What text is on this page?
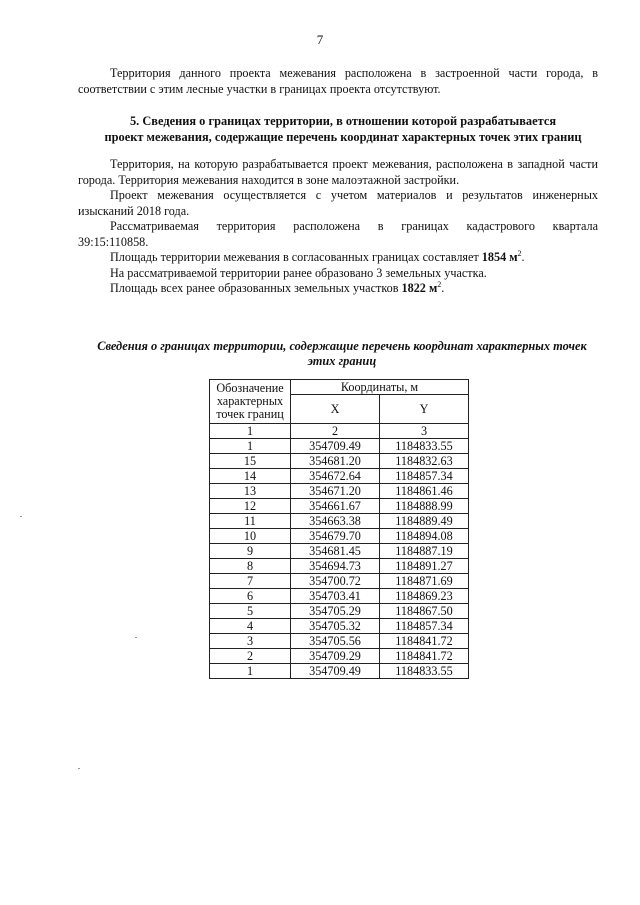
7

Территория данного проекта межевания расположена в застроенной части города, в соответствии с этим лесные участки в границах проекта отсутствуют.

5. Сведения о границах территории, в отношении которой разрабатывается
проект межевания, содержащие перечень координат характерных точек этих границ

Территория, на которую разрабатывается проект межевания, расположена в западной части города. Территория межевания находится в зоне малоэтажной застройки.

Проект межевания осуществляется с учетом материалов и результатов инженерных изысканий 2018 года.

Рассматриваемая территория расположена в границах кадастрового квартала

39:15:110858.

Площадь территории межевания в согласованных границах составляет 1854 $м^2$.

На рассматриваемой территории ранее образовано 3 земельных участка.

Площадь всех ранее образованных земельных участков 1822 $м^2$.

Сведения о границах территории, содержащие перечень координат характерных точек
этих границ
Обозначение
характерных
точек границ	Координаты, м	
	X	Y
1	2	3
1	354709.49	1184833.55
15	354681.20	1184832.63
14	354672.64	1184857.34
13	354671.20	1184861.46
12	354661.67	1184888.99
11	354663.38	1184889.49
10	354679.70	1184894.08
9	354681.45	1184887.19
8	354694.73	1184891.27
7	354700.72	1184871.69
6	354703.41	1184869.23
5	354705.29	1184867.50
4	354705.32	1184857.34
3	354705.56	1184841.72
2	354709.29	1184841.72
1	354709.49	1184833.55
